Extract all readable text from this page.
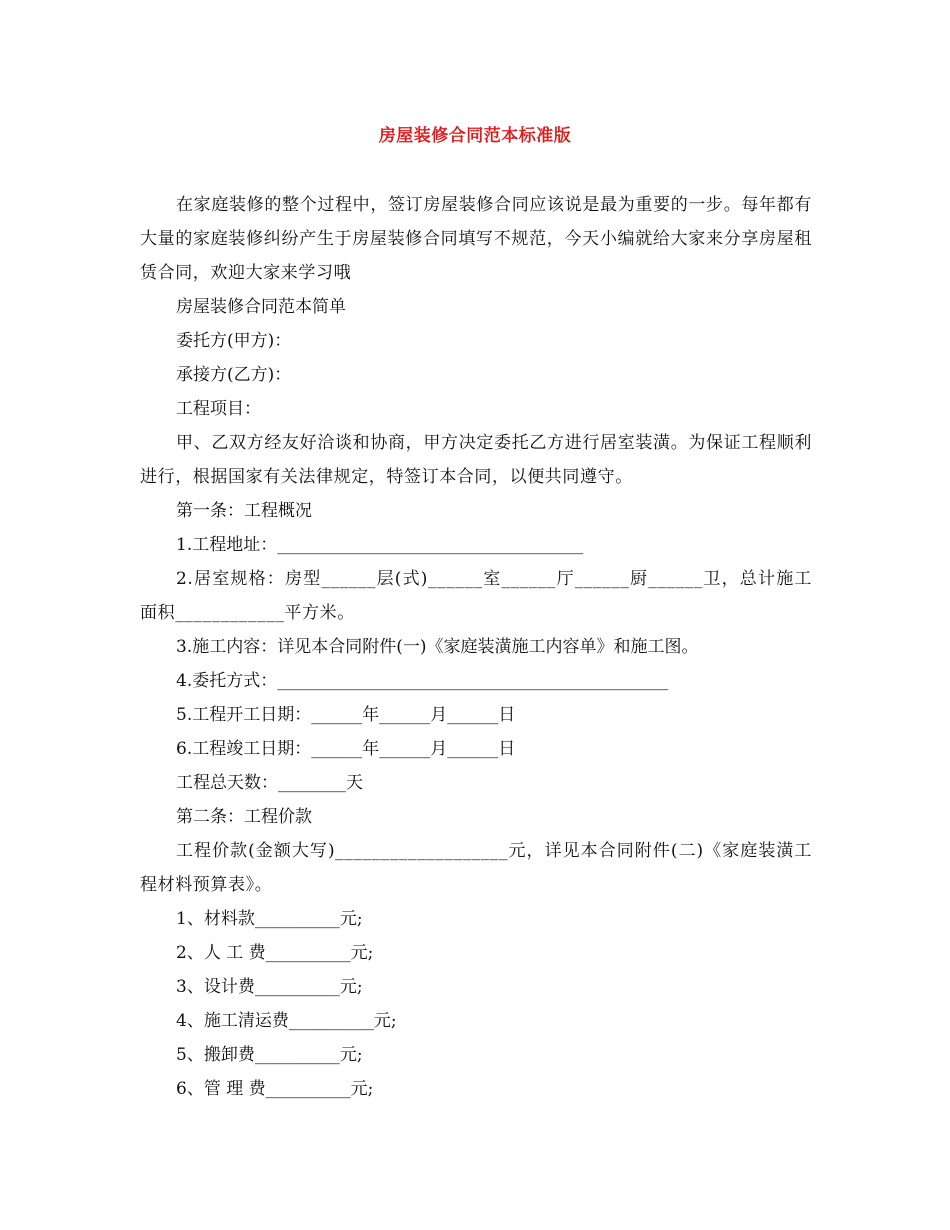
房屋装修合同范本标准版

在家庭装修的整个过程中，签订房屋装修合同应该说是最为重要的一步。每年都有大量的家庭装修纠纷产生于房屋装修合同填写不规范，今天小编就给大家来分享房屋租赁合同，欢迎大家来学习哦

房屋装修合同范本简单

委托方(甲方)：

承接方(乙方)：

工程项目：

甲、乙双方经友好洽谈和协商，甲方决定委托乙方进行居室装潢。为保证工程顺利进行，根据国家有关法律规定，特签订本合同，以便共同遵守。

第一条：工程概况

1.工程地址：____________________________________

2.居室规格：房型______层(式)______室______厅______厨______卫，总计施工面积____________平方米。

3.施工内容：详见本合同附件(一)《家庭装潢施工内容单》和施工图。

4.委托方式：______________________________________________

5.工程开工日期：______年______月______日

6.工程竣工日期：______年______月______日

工程总天数：________天

第二条：工程价款

工程价款(金额大写)___________________元，详见本合同附件(二)《家庭装潢工程材料预算表》。

1、材料款__________元;

2、人 工 费__________元;

3、设计费__________元;

4、施工清运费__________元;

5、搬卸费__________元;

6、管 理 费__________元;
